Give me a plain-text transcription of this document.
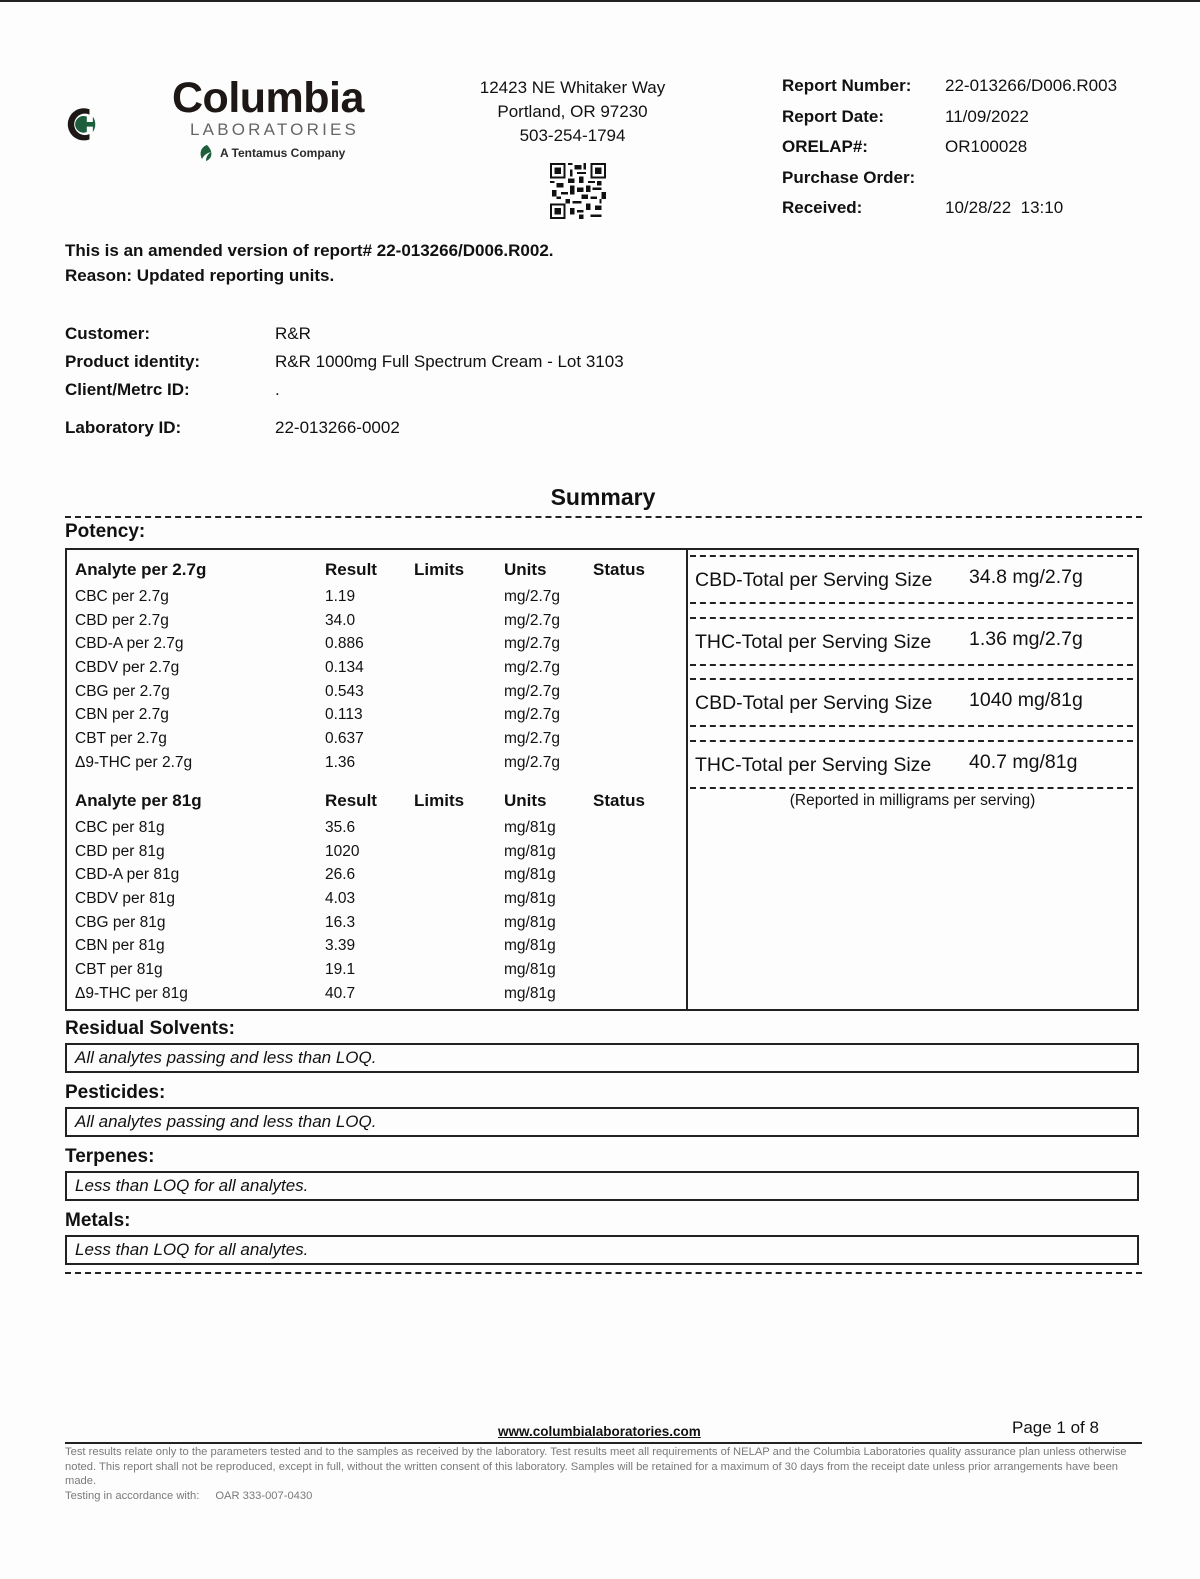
Columbia
LABORATORIES
A Tentamus Company
12423 NE Whitaker Way
Portland, OR 97230
503-254-1794
Report Number:	22-013266/D006.R003
Report Date:	11/09/2022
ORELAP#:	OR100028
Purchase Order:
Received:	10/28/22  13:10
This is an amended version of report# 22-013266/D006.R002.
Reason: Updated reporting units.
Customer:	R&R
Product identity:	R&R 1000mg Full Spectrum Cream - Lot 3103
Client/Metrc ID:	.
Laboratory ID:	22-013266-0002
Summary
Potency:
Analyte per 2.7g	Result	Limits	Units	Status
CBC per 2.7g	1.19	mg/2.7g
CBD per 2.7g	34.0	mg/2.7g
CBD-A per 2.7g	0.886	mg/2.7g
CBDV per 2.7g	0.134	mg/2.7g
CBG per 2.7g	0.543	mg/2.7g
CBN per 2.7g	0.113	mg/2.7g
CBT per 2.7g	0.637	mg/2.7g
Δ9-THC per 2.7g	1.36	mg/2.7g
Analyte per 81g	Result	Limits	Units	Status
CBC per 81g	35.6	mg/81g
CBD per 81g	1020	mg/81g
CBD-A per 81g	26.6	mg/81g
CBDV per 81g	4.03	mg/81g
CBG per 81g	16.3	mg/81g
CBN per 81g	3.39	mg/81g
CBT per 81g	19.1	mg/81g
Δ9-THC per 81g	40.7	mg/81g
CBD-Total per Serving Size 34.8 mg/2.7g
THC-Total per Serving Size 1.36 mg/2.7g
CBD-Total per Serving Size 1040 mg/81g
THC-Total per Serving Size 40.7 mg/81g
(Reported in milligrams per serving)
Residual Solvents:
All analytes passing and less than LOQ.
Pesticides:
All analytes passing and less than LOQ.
Terpenes:
Less than LOQ for all analytes.
Metals:
Less than LOQ for all analytes.
Page 1 of 8
www.columbialaboratories.com
Test results relate only to the parameters tested and to the samples as received by the laboratory. Test results meet all requirements of NELAP and the Columbia Laboratories quality assurance plan unless otherwise noted. This report shall not be reproduced, except in full, without the written consent of this laboratory. Samples will be retained for a maximum of 30 days from the receipt date unless prior arrangements have been made.
Testing in accordance with: OAR 333-007-0430
